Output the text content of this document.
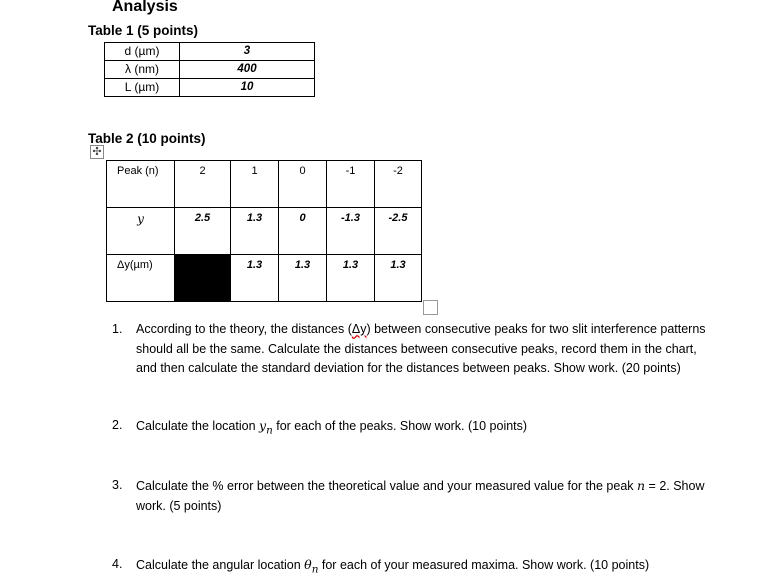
Analysis
Table 1 (5 points)
d (µm)	3
λ (nm)	400
L (µm)	10
Table 2 (10 points)
✣
Peak (n)	2	1	0	-1	-2

y	2.5	1.3	0	-1.3	-2.5

Δy(µm)		1.3	1.3	1.3	1.3
1. According to the theory, the distances (Δy) between consecutive peaks for two slit interference patterns should all be the same. Calculate the distances between consecutive peaks, record them in the chart, and then calculate the standard deviation for the distances between peaks. Show work. (20 points)
2. Calculate the location $y_n$ for each of the peaks. Show work. (10 points)
3. Calculate the % error between the theoretical value and your measured value for the peak n = 2. Show work. (5 points)
4. Calculate the angular location $\theta_n$ for each of your measured maxima. Show work. (10 points)
